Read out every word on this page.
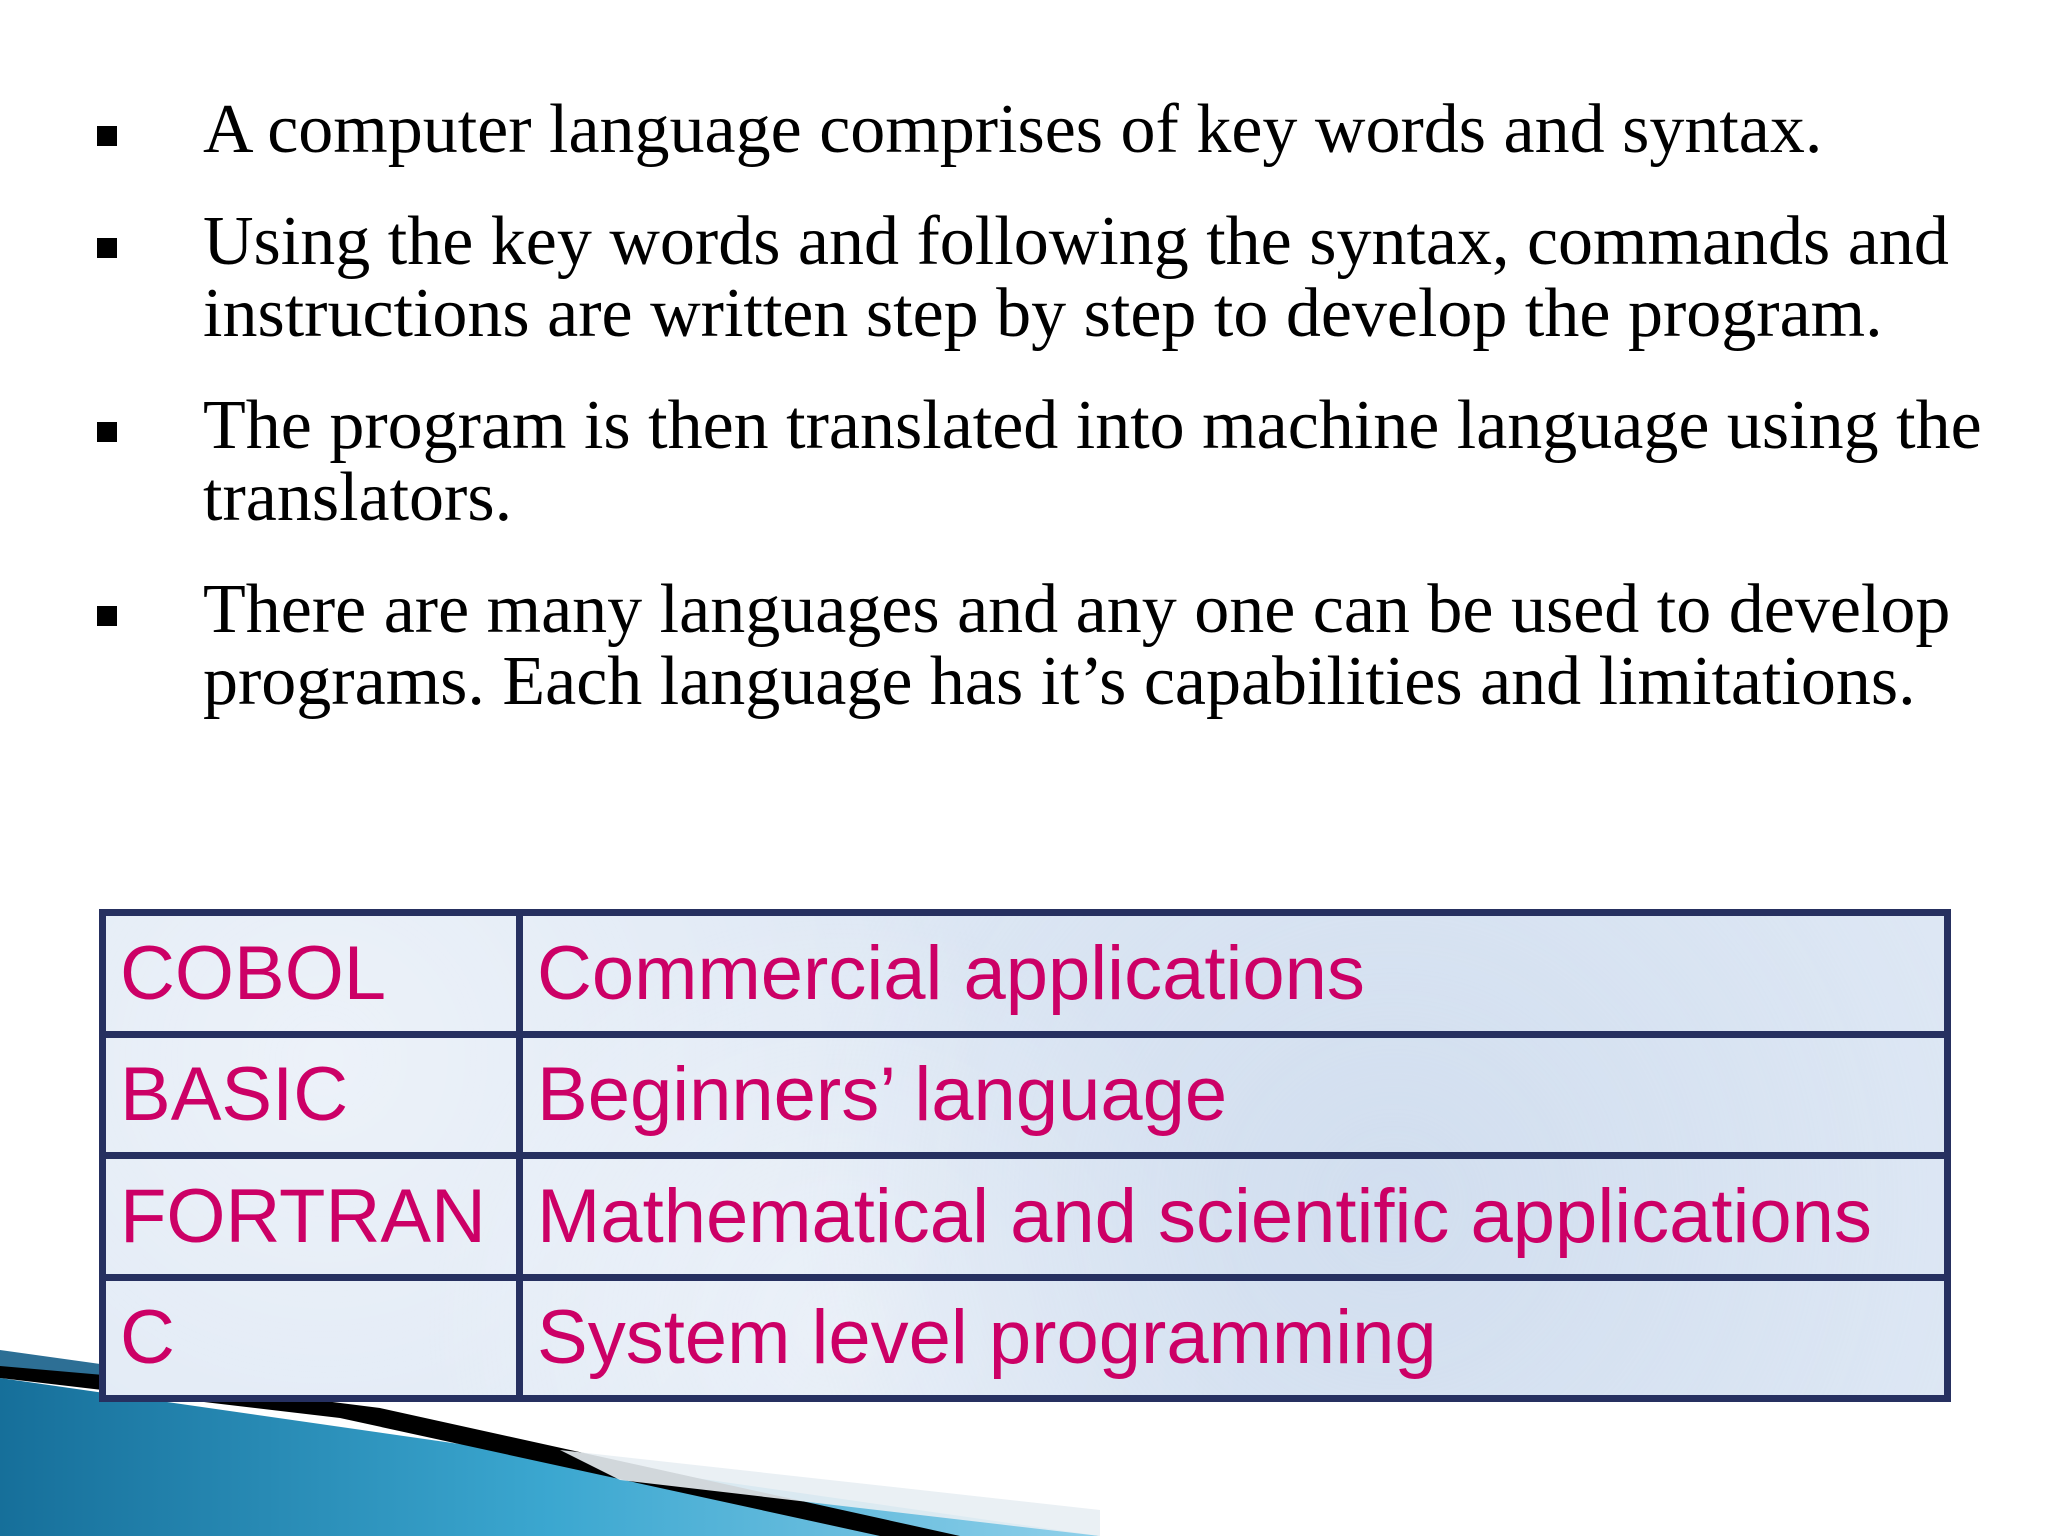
A computer language comprises of key words and syntax.
Using the key words and following the syntax, commands and instructions are written step by step to develop the program.
The program is then translated into machine language using the translators.
There are many languages and any one can be used to develop programs. Each language has it’s capabilities and limitations.
COBOL	Commercial applications
BASIC	Beginners’ language
FORTRAN	Mathematical and scientific applications
C	System level programming
